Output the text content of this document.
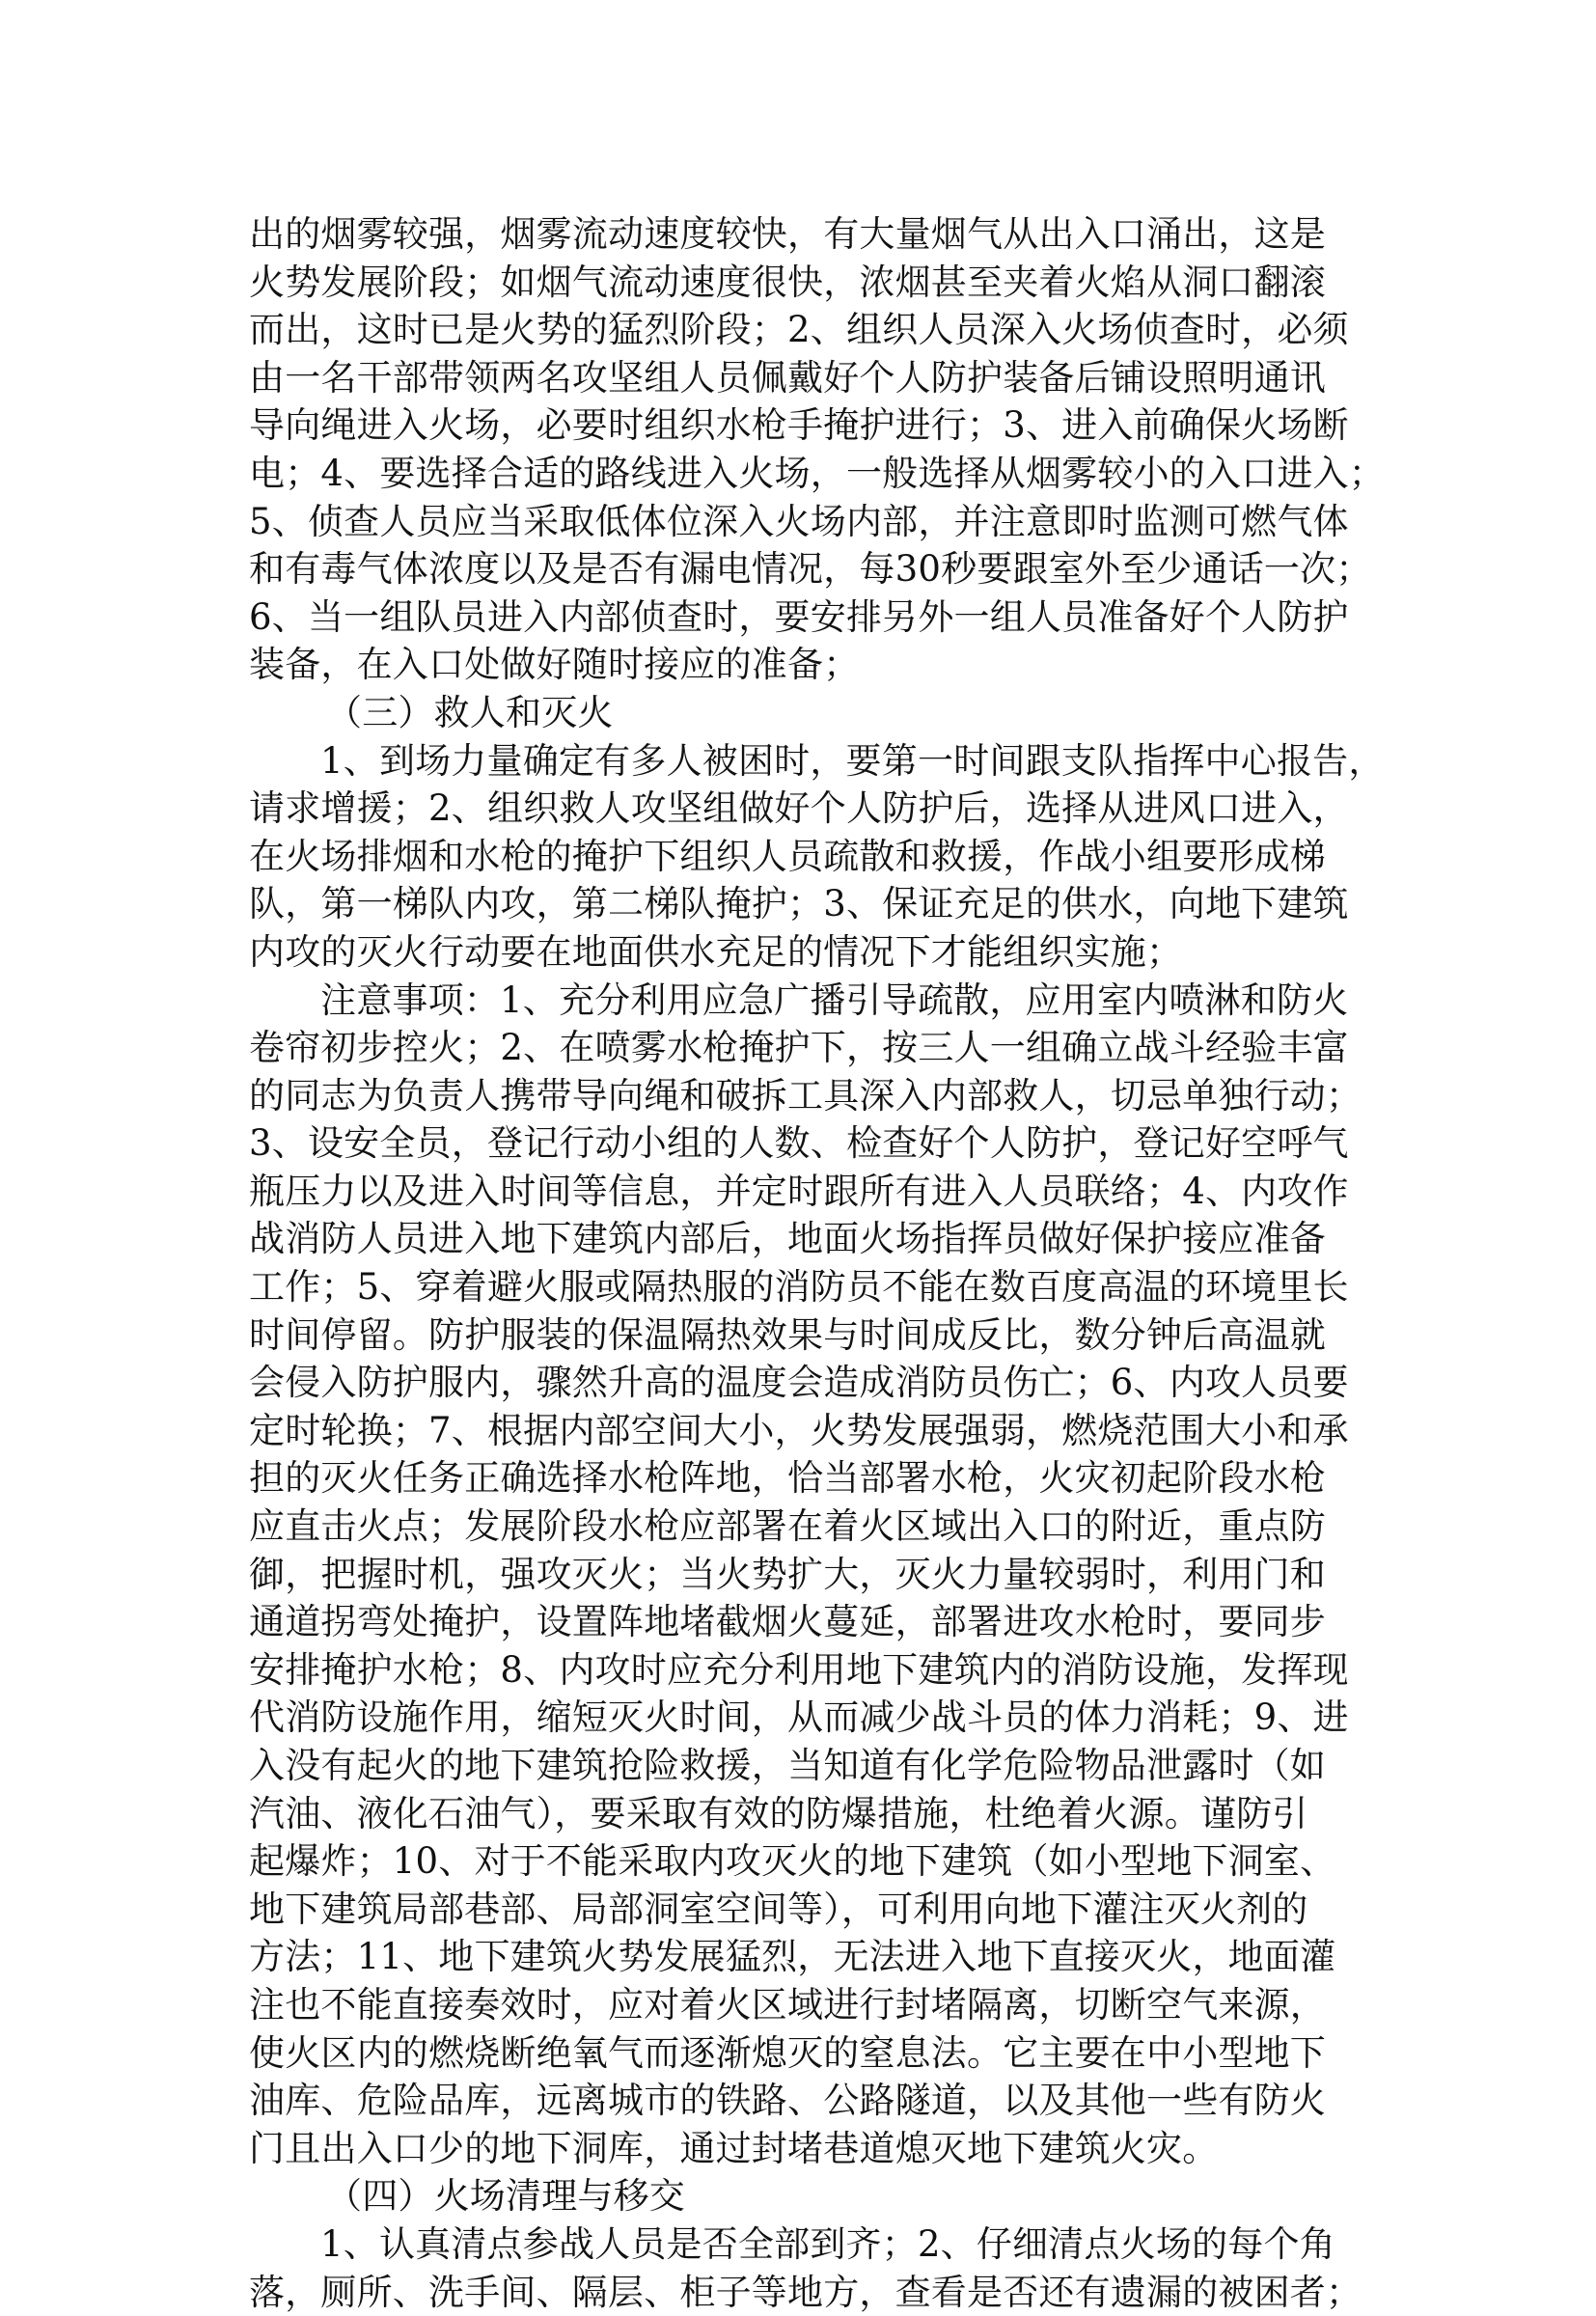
出的烟雾较强，烟雾流动速度较快，有大量烟气从出入口涌出，这是
火势发展阶段；如烟气流动速度很快，浓烟甚至夹着火焰从洞口翻滚
而出，这时已是火势的猛烈阶段；2、组织人员深入火场侦查时，必须
由一名干部带领两名攻坚组人员佩戴好个人防护装备后铺设照明通讯
导向绳进入火场，必要时组织水枪手掩护进行；3、进入前确保火场断
电；4、要选择合适的路线进入火场，一般选择从烟雾较小的入口进入；
5、侦查人员应当采取低体位深入火场内部，并注意即时监测可燃气体
和有毒气体浓度以及是否有漏电情况，每30秒要跟室外至少通话一次；
6、当一组队员进入内部侦查时，要安排另外一组人员准备好个人防护
装备，在入口处做好随时接应的准备；
（三）救人和灭火
1、到场力量确定有多人被困时，要第一时间跟支队指挥中心报告，
请求增援；2、组织救人攻坚组做好个人防护后，选择从进风口进入，
在火场排烟和水枪的掩护下组织人员疏散和救援，作战小组要形成梯
队，第一梯队内攻，第二梯队掩护；3、保证充足的供水，向地下建筑
内攻的灭火行动要在地面供水充足的情况下才能组织实施；
注意事项：1、充分利用应急广播引导疏散，应用室内喷淋和防火
卷帘初步控火；2、在喷雾水枪掩护下，按三人一组确立战斗经验丰富
的同志为负责人携带导向绳和破拆工具深入内部救人，切忌单独行动；
3、设安全员，登记行动小组的人数、检查好个人防护，登记好空呼气
瓶压力以及进入时间等信息，并定时跟所有进入人员联络；4、内攻作
战消防人员进入地下建筑内部后，地面火场指挥员做好保护接应准备
工作；5、穿着避火服或隔热服的消防员不能在数百度高温的环境里长
时间停留。防护服装的保温隔热效果与时间成反比，数分钟后高温就
会侵入防护服内，骤然升高的温度会造成消防员伤亡；6、内攻人员要
定时轮换；7、根据内部空间大小，火势发展强弱，燃烧范围大小和承
担的灭火任务正确选择水枪阵地，恰当部署水枪，火灾初起阶段水枪
应直击火点；发展阶段水枪应部署在着火区域出入口的附近，重点防
御，把握时机，强攻灭火；当火势扩大，灭火力量较弱时，利用门和
通道拐弯处掩护，设置阵地堵截烟火蔓延，部署进攻水枪时，要同步
安排掩护水枪；8、内攻时应充分利用地下建筑内的消防设施，发挥现
代消防设施作用，缩短灭火时间，从而减少战斗员的体力消耗；9、进
入没有起火的地下建筑抢险救援，当知道有化学危险物品泄露时（如
汽油、液化石油气），要采取有效的防爆措施，杜绝着火源。谨防引
起爆炸；10、对于不能采取内攻灭火的地下建筑（如小型地下洞室、
地下建筑局部巷部、局部洞室空间等），可利用向地下灌注灭火剂的
方法；11、地下建筑火势发展猛烈，无法进入地下直接灭火，地面灌
注也不能直接奏效时，应对着火区域进行封堵隔离，切断空气来源，
使火区内的燃烧断绝氧气而逐渐熄灭的窒息法。它主要在中小型地下
油库、危险品库，远离城市的铁路、公路隧道，以及其他一些有防火
门且出入口少的地下洞库，通过封堵巷道熄灭地下建筑火灾。
（四）火场清理与移交
1、认真清点参战人员是否全部到齐；2、仔细清点火场的每个角
落，厕所、洗手间、隔层、柜子等地方，查看是否还有遗漏的被困者；
